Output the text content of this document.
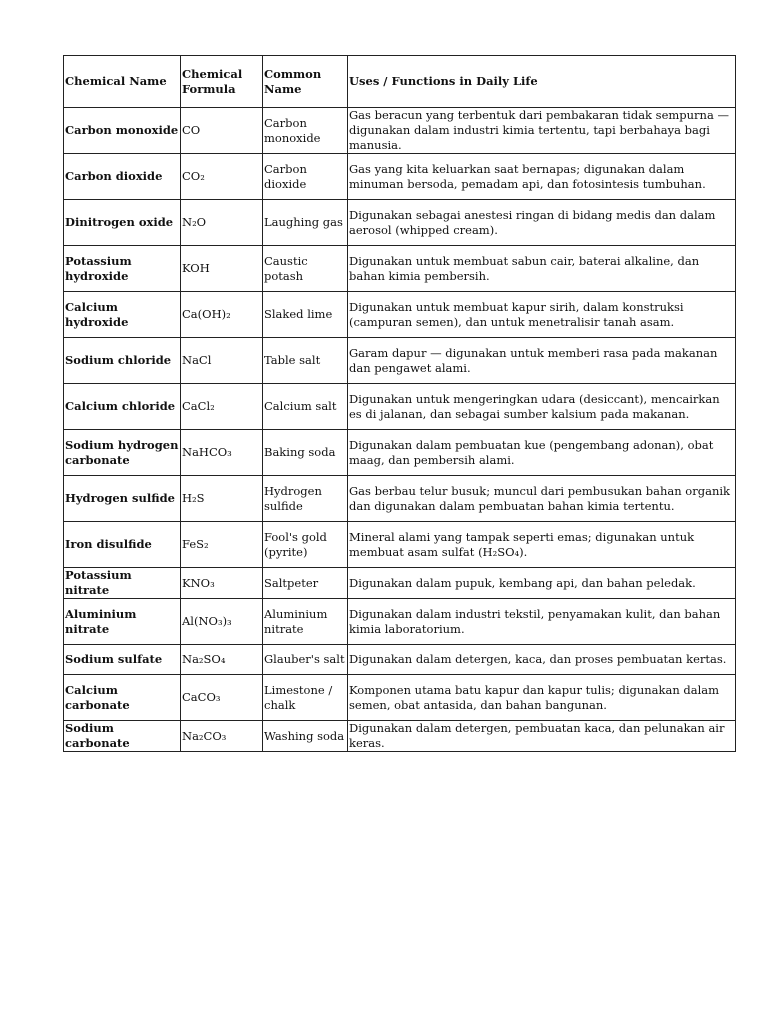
Chemical Name	Chemical Formula	Common Name	Uses / Functions in Daily Life
Carbon monoxide	CO	Carbon monoxide	Gas beracun yang terbentuk dari pembakaran tidak sempurna — digunakan dalam industri kimia tertentu, tapi berbahaya bagi manusia.
Carbon dioxide	CO₂	Carbon dioxide	Gas yang kita keluarkan saat bernapas; digunakan dalam minuman bersoda, pemadam api, dan fotosintesis tumbuhan.
Dinitrogen oxide	N₂O	Laughing gas	Digunakan sebagai anestesi ringan di bidang medis dan dalam aerosol (whipped cream).
Potassium hydroxide	KOH	Caustic potash	Digunakan untuk membuat sabun cair, baterai alkaline, dan bahan kimia pembersih.
Calcium hydroxide	Ca(OH)₂	Slaked lime	Digunakan untuk membuat kapur sirih, dalam konstruksi (campuran semen), dan untuk menetralisir tanah asam.
Sodium chloride	NaCl	Table salt	Garam dapur — digunakan untuk memberi rasa pada makanan dan pengawet alami.
Calcium chloride	CaCl₂	Calcium salt	Digunakan untuk mengeringkan udara (desiccant), mencairkan es di jalanan, dan sebagai sumber kalsium pada makanan.
Sodium hydrogen carbonate	NaHCO₃	Baking soda	Digunakan dalam pembuatan kue (pengembang adonan), obat maag, dan pembersih alami.
Hydrogen sulfide	H₂S	Hydrogen sulfide	Gas berbau telur busuk; muncul dari pembusukan bahan organik dan digunakan dalam pembuatan bahan kimia tertentu.
Iron disulfide	FeS₂	Fool's gold (pyrite)	Mineral alami yang tampak seperti emas; digunakan untuk membuat asam sulfat (H₂SO₄).
Potassium nitrate	KNO₃	Saltpeter	Digunakan dalam pupuk, kembang api, dan bahan peledak.
Aluminium nitrate	Al(NO₃)₃	Aluminium nitrate	Digunakan dalam industri tekstil, penyamakan kulit, dan bahan kimia laboratorium.
Sodium sulfate	Na₂SO₄	Glauber's salt	Digunakan dalam detergen, kaca, dan proses pembuatan kertas.
Calcium carbonate	CaCO₃	Limestone / chalk	Komponen utama batu kapur dan kapur tulis; digunakan dalam semen, obat antasida, dan bahan bangunan.
Sodium carbonate	Na₂CO₃	Washing soda	Digunakan dalam detergen, pembuatan kaca, dan pelunakan air keras.
